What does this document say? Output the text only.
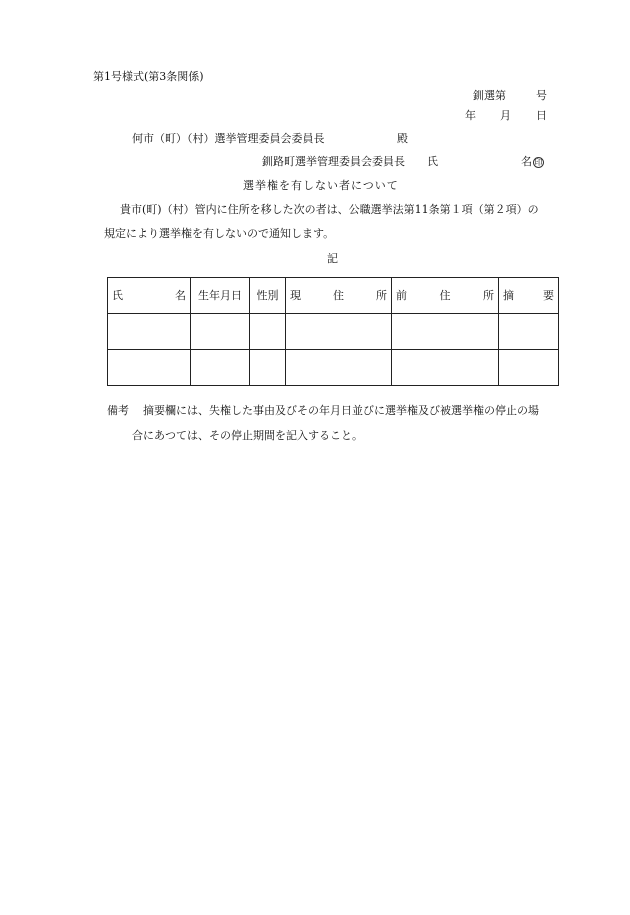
第1号様式(第3条関係)
釧選第	号
年 月 日
何市（町）（村）選挙管理委員会委員長	殿
釧路町選挙管理委員会委員長 氏	名 印
選挙権を有しない者について
貴市(町)（村）管内に住所を移した次の者は、公職選挙法第11条第１項（第２項）の
規定により選挙権を有しないので通知します。
記
氏 名	生年月日	性別	現 住 所	前 住 所	摘 要

備考 摘要欄には、失権した事由及びその年月日並びに選挙権及び被選挙権の停止の場
合にあつては、その停止期間を記入すること。
